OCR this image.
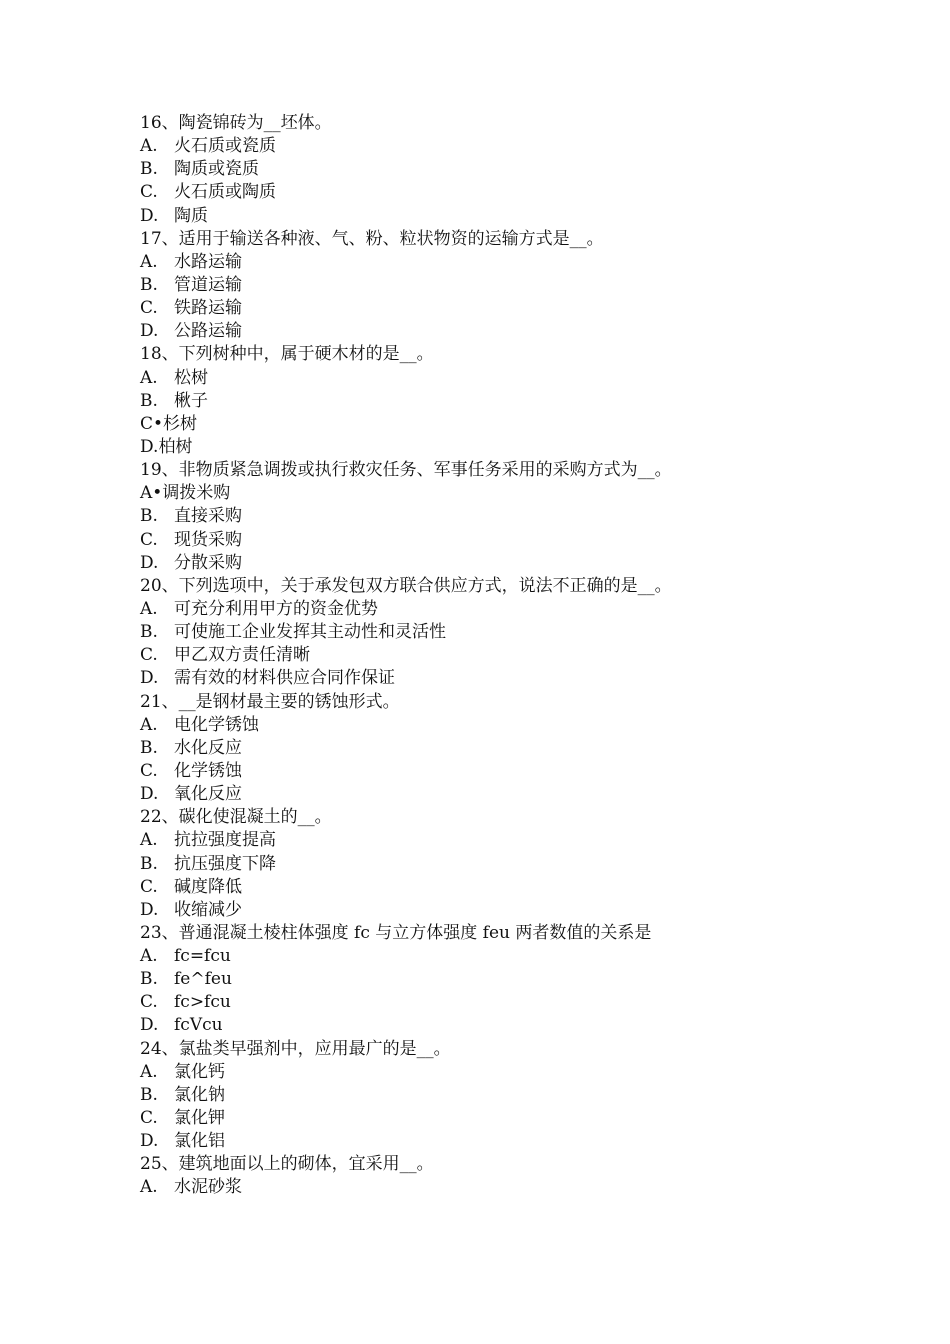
16、陶瓷锦砖为__坯体。
A. 火石质或瓷质
B. 陶质或瓷质
C. 火石质或陶质
D. 陶质
17、适用于输送各种液、气、粉、粒状物资的运输方式是__。
A. 水路运输
B. 管道运输
C. 铁路运输
D. 公路运输
18、下列树种中，属于硬木材的是__。
A. 松树
B. 楸子
C•杉树
D.柏树
19、非物质紧急调拨或执行救灾任务、军事任务采用的采购方式为__。
A•调拨米购
B. 直接采购
C. 现货采购
D. 分散采购
20、下列选项中，关于承发包双方联合供应方式，说法不正确的是__。
A. 可充分利用甲方的资金优势
B. 可使施工企业发挥其主动性和灵活性
C. 甲乙双方责任清晰
D. 需有效的材料供应合同作保证
21、__是钢材最主要的锈蚀形式。
A. 电化学锈蚀
B. 水化反应
C. 化学锈蚀
D. 氧化反应
22、碳化使混凝土的__。
A. 抗拉强度提高
B. 抗压强度下降
C. 碱度降低
D. 收缩减少
23、普通混凝土棱柱体强度 fc 与立方体强度 feu 两者数值的关系是
A. fc=fcu
B. fe^feu
C. fc>fcu
D. fcVcu
24、氯盐类早强剂中，应用最广的是__。
A. 氯化钙
B. 氯化钠
C. 氯化钾
D. 氯化铝
25、建筑地面以上的砌体，宜采用__。
A. 水泥砂浆
